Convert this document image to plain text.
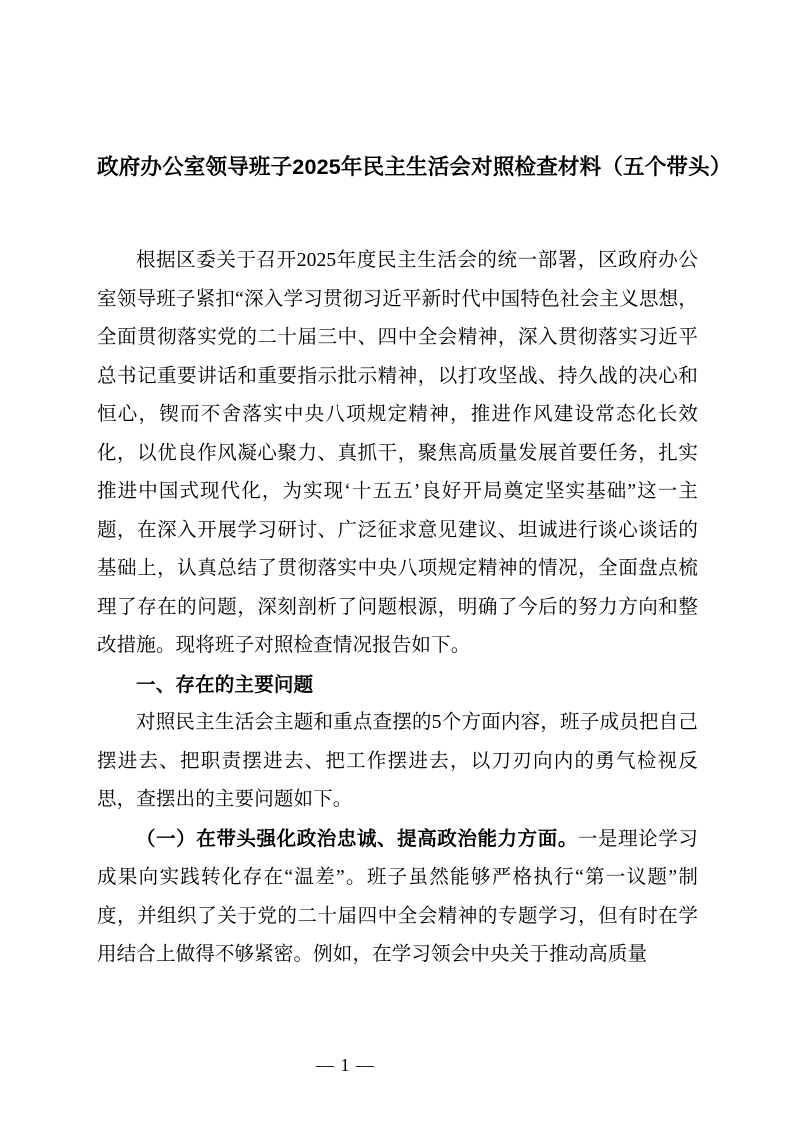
政府办公室领导班子2025年民主生活会对照检查材料（五个带头）

根据区委关于召开2025年度民主生活会的统一部署，区政府办公室领导班子紧扣“深入学习贯彻习近平新时代中国特色社会主义思想，全面贯彻落实党的二十届三中、四中全会精神，深入贯彻落实习近平总书记重要讲话和重要指示批示精神，以打攻坚战、持久战的决心和恒心，锲而不舍落实中央八项规定精神，推进作风建设常态化长效化，以优良作风凝心聚力、真抓干，聚焦高质量发展首要任务，扎实推进中国式现代化，为实现‘十五五’良好开局奠定坚实基础”这一主题，在深入开展学习研讨、广泛征求意见建议、坦诚进行谈心谈话的基础上，认真总结了贯彻落实中央八项规定精神的情况，全面盘点梳理了存在的问题，深刻剖析了问题根源，明确了今后的努力方向和整改措施。现将班子对照检查情况报告如下。

一、存在的主要问题

对照民主生活会主题和重点查摆的5个方面内容，班子成员把自己摆进去、把职责摆进去、把工作摆进去，以刀刃向内的勇气检视反思，查摆出的主要问题如下。

（一）在带头强化政治忠诚、提高政治能力方面。一是理论学习成果向实践转化存在“温差”。班子虽然能够严格执行“第一议题”制度，并组织了关于党的二十届四中全会精神的专题学习，但有时在学用结合上做得不够紧密。例如，在学习领会中央关于推动高质量

— 1 —
